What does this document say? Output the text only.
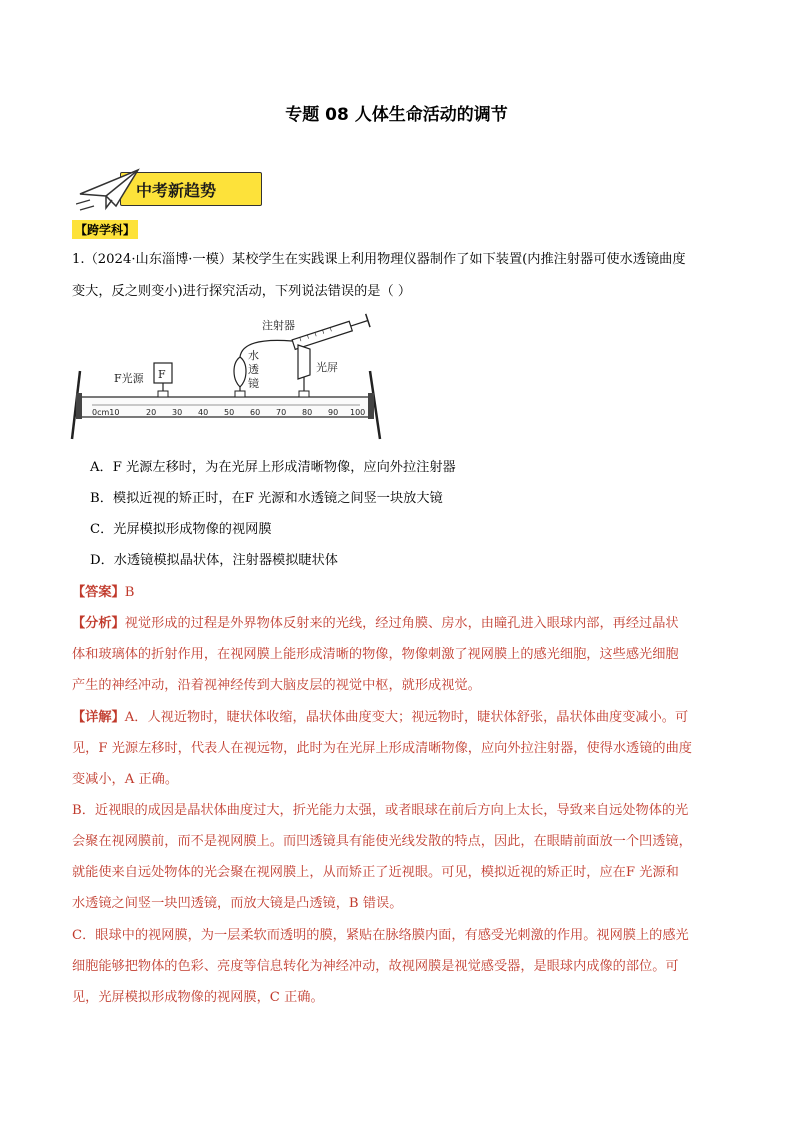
专题 08 人体生命活动的调节
中考新趋势
【跨学科】
1.（2024·山东淄博·一模）某校学生在实践课上利用物理仪器制作了如下装置(内推注射器可使水透镜曲度
变大，反之则变小)进行探究活动，下列说法错误的是（ ）
0cm10	20 30 40 50 60 70 80 90 100
F
F光源
水
透
镜
注射器
光屏
A．F 光源左移时，为在光屏上形成清晰物像，应向外拉注射器
B．模拟近视的矫正时，在F 光源和水透镜之间竖一块放大镜
C．光屏模拟形成物像的视网膜
D．水透镜模拟晶状体，注射器模拟睫状体
【答案】B
【分析】视觉形成的过程是外界物体反射来的光线，经过角膜、房水，由瞳孔进入眼球内部，再经过晶状
体和玻璃体的折射作用，在视网膜上能形成清晰的物像，物像刺激了视网膜上的感光细胞，这些感光细胞
产生的神经冲动，沿着视神经传到大脑皮层的视觉中枢，就形成视觉。
【详解】A．人视近物时，睫状体收缩，晶状体曲度变大；视远物时，睫状体舒张，晶状体曲度变减小。可
见，F 光源左移时，代表人在视远物，此时为在光屏上形成清晰物像，应向外拉注射器，使得水透镜的曲度
变减小，A 正确。
B．近视眼的成因是晶状体曲度过大，折光能力太强，或者眼球在前后方向上太长，导致来自远处物体的光
会聚在视网膜前，而不是视网膜上。而凹透镜具有能使光线发散的特点，因此，在眼睛前面放一个凹透镜，
就能使来自远处物体的光会聚在视网膜上，从而矫正了近视眼。可见，模拟近视的矫正时，应在F 光源和
水透镜之间竖一块凹透镜，而放大镜是凸透镜，B 错误。
C．眼球中的视网膜，为一层柔软而透明的膜，紧贴在脉络膜内面，有感受光刺激的作用。视网膜上的感光
细胞能够把物体的色彩、亮度等信息转化为神经冲动，故视网膜是视觉感受器，是眼球内成像的部位。可
见，光屏模拟形成物像的视网膜，C 正确。
